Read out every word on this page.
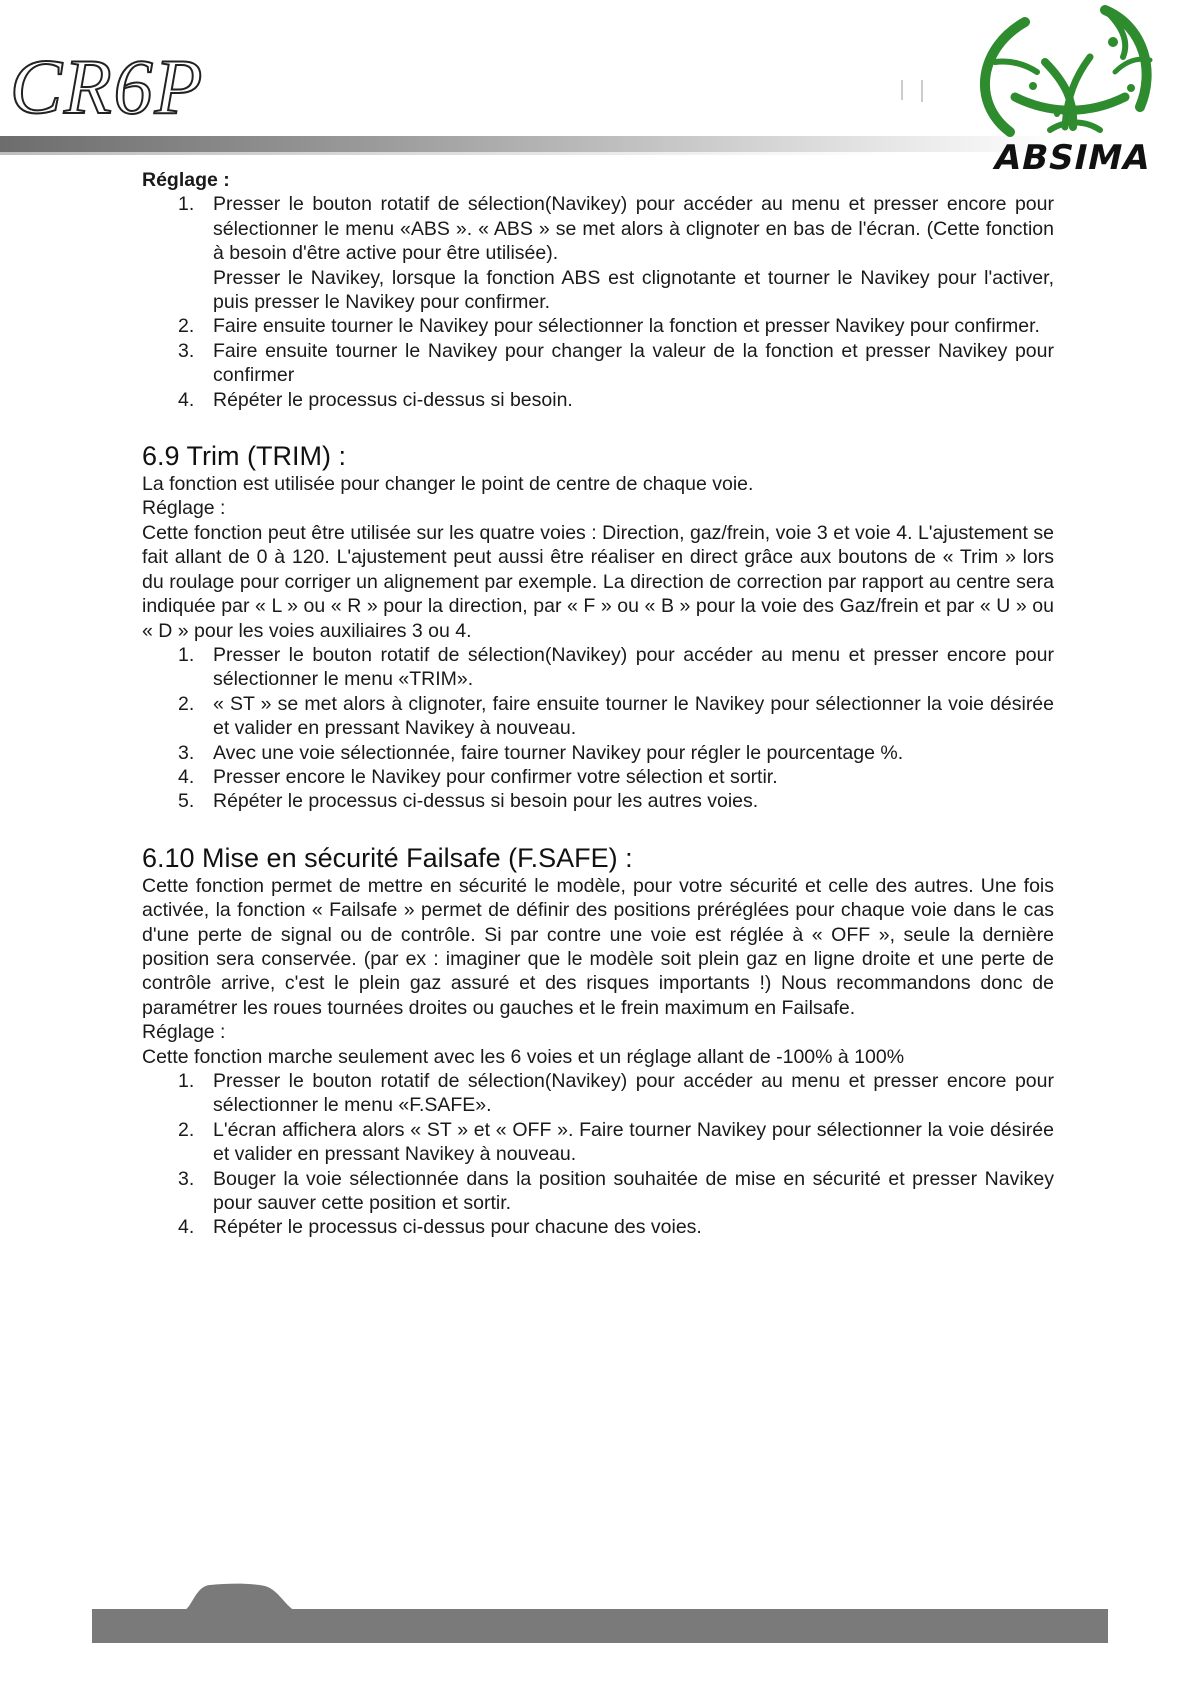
CR6P
ABSIMA

Réglage :

1. Presser le bouton rotatif de sélection(Navikey) pour accéder au menu et presser encore pour sélectionner le menu «ABS ». « ABS » se met alors à clignoter en bas de l'écran. (Cette fonction à besoin d'être active pour être utilisée).
Presser le Navikey, lorsque la fonction ABS est clignotante et tourner le Navikey pour l'activer, puis presser le Navikey pour confirmer.
2. Faire ensuite tourner le Navikey pour sélectionner la fonction et presser Navikey pour confirmer.
3. Faire ensuite tourner le Navikey pour changer la valeur de la fonction et presser Navikey pour confirmer
4. Répéter le processus ci-dessus si besoin.
6.9 Trim (TRIM) :

La fonction est utilisée pour changer le point de centre de chaque voie.

Réglage :

Cette fonction peut être utilisée sur les quatre voies : Direction, gaz/frein, voie 3 et voie 4. L'ajustement se fait allant de 0 à 120. L'ajustement peut aussi être réaliser en direct grâce aux boutons de « Trim » lors du roulage pour corriger un alignement par exemple. La direction de correction par rapport au centre sera indiquée par « L » ou « R » pour la direction, par « F » ou « B » pour la voie des Gaz/frein et par « U » ou « D » pour les voies auxiliaires 3 ou 4.

1. Presser le bouton rotatif de sélection(Navikey) pour accéder au menu et presser encore pour sélectionner le menu «TRIM».
2. « ST » se met alors à clignoter, faire ensuite tourner le Navikey pour sélectionner la voie désirée et valider en pressant Navikey à nouveau.
3. Avec une voie sélectionnée, faire tourner Navikey pour régler le pourcentage %.
4. Presser encore le Navikey pour confirmer votre sélection et sortir.
5. Répéter le processus ci-dessus si besoin pour les autres voies.
6.10 Mise en sécurité Failsafe (F.SAFE) :

Cette fonction permet de mettre en sécurité le modèle, pour votre sécurité et celle des autres. Une fois activée, la fonction « Failsafe » permet de définir des positions préréglées pour chaque voie dans le cas d'une perte de signal ou de contrôle. Si par contre une voie est réglée à « OFF », seule la dernière position sera conservée. (par ex : imaginer que le modèle soit plein gaz en ligne droite et une perte de contrôle arrive, c'est le plein gaz assuré et des risques importants !) Nous recommandons donc de paramétrer les roues tournées droites ou gauches et le frein maximum en Failsafe.

Réglage :

Cette fonction marche seulement avec les 6 voies et un réglage allant de -100% à 100%

1. Presser le bouton rotatif de sélection(Navikey) pour accéder au menu et presser encore pour sélectionner le menu «F.SAFE».
2. L'écran affichera alors « ST » et « OFF ». Faire tourner Navikey pour sélectionner la voie désirée et valider en pressant Navikey à nouveau.
3. Bouger la voie sélectionnée dans la position souhaitée de mise en sécurité et presser Navikey pour sauver cette position et sortir.
4. Répéter le processus ci-dessus pour chacune des voies.
